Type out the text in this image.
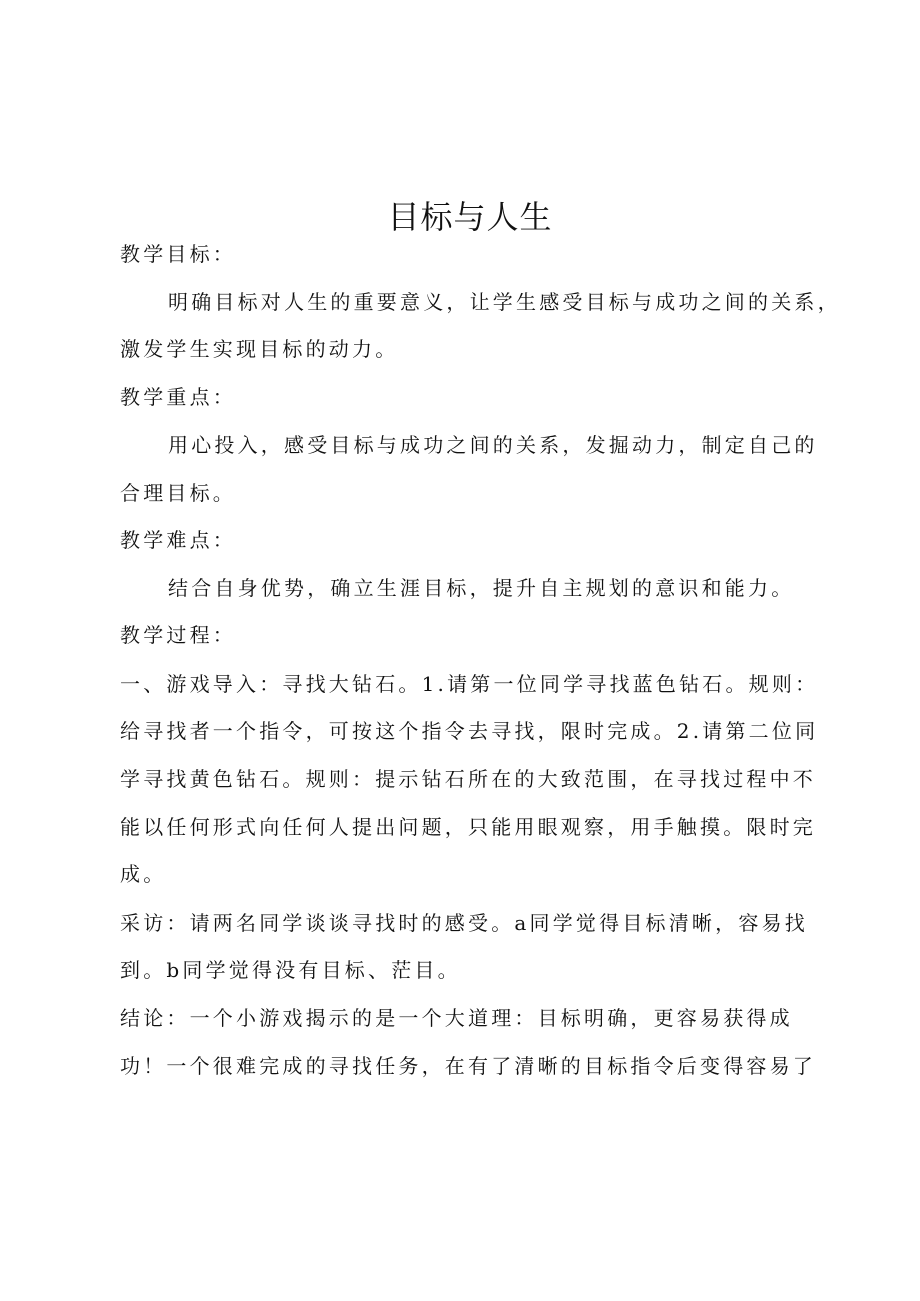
目标与人生
教学目标：
明确目标对人生的重要意义，让学生感受目标与成功之间的关系，
激发学生实现目标的动力。
教学重点：
用心投入，感受目标与成功之间的关系，发掘动力，制定自己的
合理目标。
教学难点：
结合自身优势，确立生涯目标，提升自主规划的意识和能力。
教学过程：
一、游戏导入：寻找大钻石。1.请第一位同学寻找蓝色钻石。规则：
给寻找者一个指令，可按这个指令去寻找，限时完成。2.请第二位同
学寻找黄色钻石。规则：提示钻石所在的大致范围，在寻找过程中不
能以任何形式向任何人提出问题，只能用眼观察，用手触摸。限时完
成。
采访：请两名同学谈谈寻找时的感受。a同学觉得目标清晰，容易找
到。b同学觉得没有目标、茫目。
结论：一个小游戏揭示的是一个大道理：目标明确，更容易获得成
功！一个很难完成的寻找任务，在有了清晰的目标指令后变得容易了
